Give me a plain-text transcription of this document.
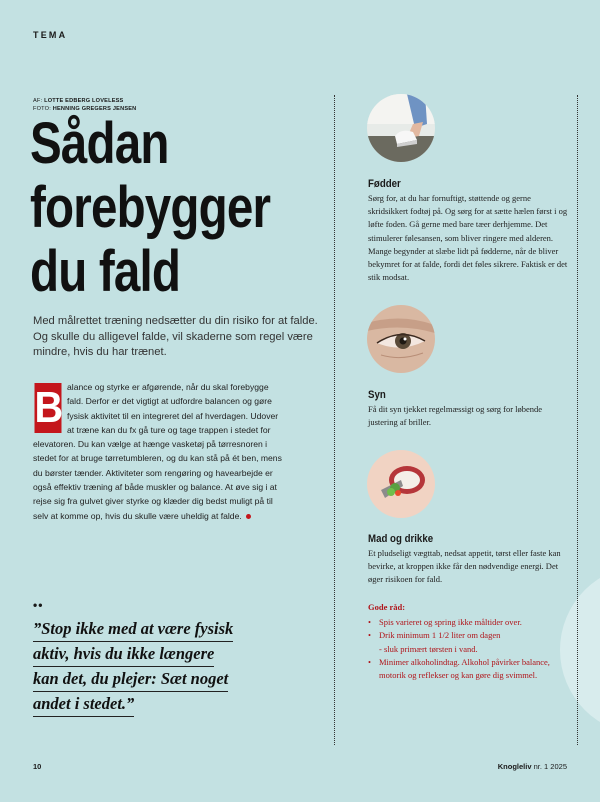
TEMA
AF: LOTTE EDBERG LOVELESS
FOTO: HENNING GREGERS JENSEN
Sådan
forebygger
du fald

Med målrettet træning nedsætter du din risiko for at falde. Og skulle du alligevel falde, vil skaderne som regel være mindre, hvis du har trænet.

B alance og styrke er afgørende, når du skal forebygge fald. Derfor er det vigtigt at udfordre balancen og gøre fysisk aktivitet til en integreret del af hverdagen. Udover at træne kan du fx gå ture og tage trappen i stedet for elevatoren. Du kan vælge at hænge vasketøj på tørresnoren i stedet for at bruge tørretumbleren, og du kan stå på ét ben, mens du børster tænder. Aktiviteter som rengøring og havearbejde er også effektiv træning af både muskler og balance. At øve sig i at rejse sig fra gulvet giver styrke og klæder dig bedst muligt på til selv at komme op, hvis du skulle være uheldig at falde.
••
”Stop ikke med at være fysisk
aktiv, hvis du ikke længere
kan det, du plejer: Sæt noget
andet i stedet.”
Fødder

Sørg for, at du har fornuftigt, støttende og gerne skridsikkert fodtøj på. Og sørg for at sætte hælen først i og løfte foden. Gå gerne med bare tæer derhjemme. Det stimulerer følesansen, som bliver ringere med alderen. Mange begynder at slæbe lidt på fødderne, når de bliver bekymret for at falde, fordi det føles sikrere. Faktisk er det stik modsat.

Syn

Få dit syn tjekket regelmæssigt og sørg for løbende justering af briller.

Mad og drikke

Et pludseligt vægttab, nedsat appetit, tørst eller faste kan bevirke, at kroppen ikke får den nødvendige energi. Det øger risikoen for fald.

Gode råd:
• Spis varieret og spring ikke måltider over.
• Drik minimum 1 1/2 liter om dagen
- sluk primært tørsten i vand.
• Minimer alkoholindtag. Alkohol påvirker balance, motorik og reflekser og kan gøre dig svimmel.
10	Knogleliv nr. 1 2025
